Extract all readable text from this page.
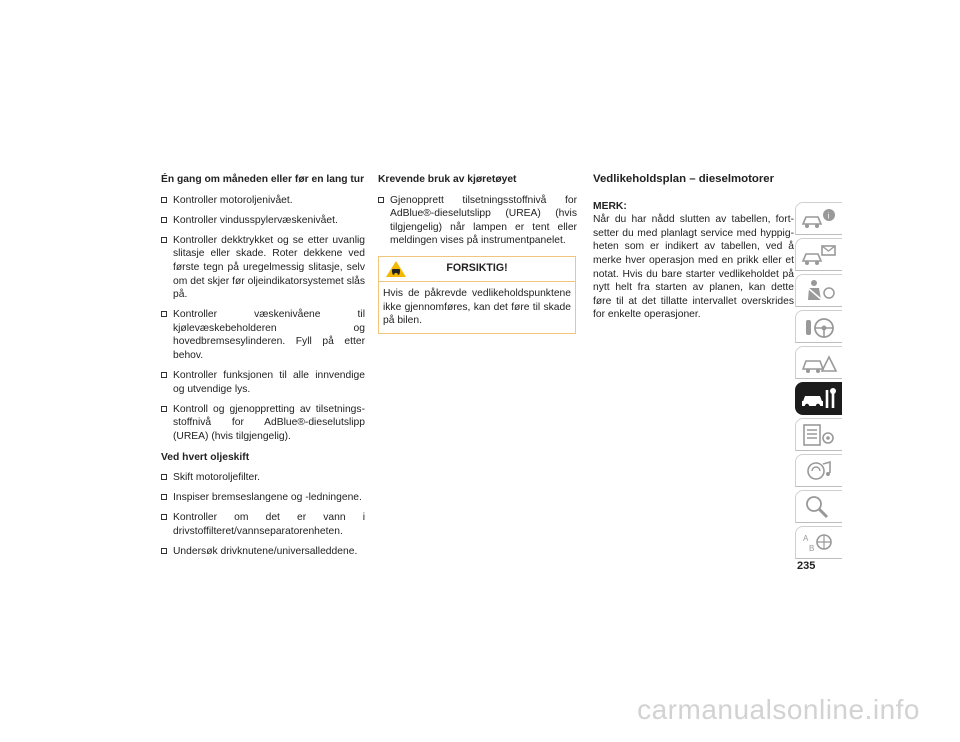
Én gang om måneden eller før en lang tur
Kontroller motoroljenivået.
Kontroller vindusspylervæskenivået.
Kontroller dekktrykket og se etter uvanlig slitasje eller skade. Roter dekkene ved første tegn på uregelmessig slitasje, selv om det skjer før oljeindikatorsystemet slås på.
Kontroller væskenivåene til kjølevæskebeholderen og hovedbremsesylinderen. Fyll på etter behov.
Kontroller funksjonen til alle innvendige og utvendige lys.
Kontroll og gjenoppretting av tilsetningsstoffnivå for AdBlue®-dieselutslipp (UREA) (hvis tilgjengelig).
Ved hvert oljeskift
Skift motoroljefilter.
Inspiser bremseslangene og -ledningene.
Kontroller om det er vann i drivstoffilteret/vannseparatorenheten.
Undersøk drivknutene/universalleddene.
Krevende bruk av kjøretøyet
Gjenopprett tilsetningsstoffnivå for AdBlue®-dieselutslipp (UREA) (hvis tilgjengelig) når lampen er tent eller meldingen vises på instrumentpanelet.
FORSIKTIG!
Hvis de påkrevde vedlikeholdspunktene ikke gjennomføres, kan det føre til skade på bilen.
Vedlikeholdsplan – dieselmotorer
MERK:
Når du har nådd slutten av tabellen, fortsetter du med planlagt service med hyppigheten som er indikert av tabellen, ved å merke hver operasjon med en prikk eller et notat. Hvis du bare starter vedlikeholdet på nytt helt fra starten av planen, kan dette føre til at det tillatte intervallet overskrides for enkelte operasjoner.
i
A
B
235
carmanualsonline.info
